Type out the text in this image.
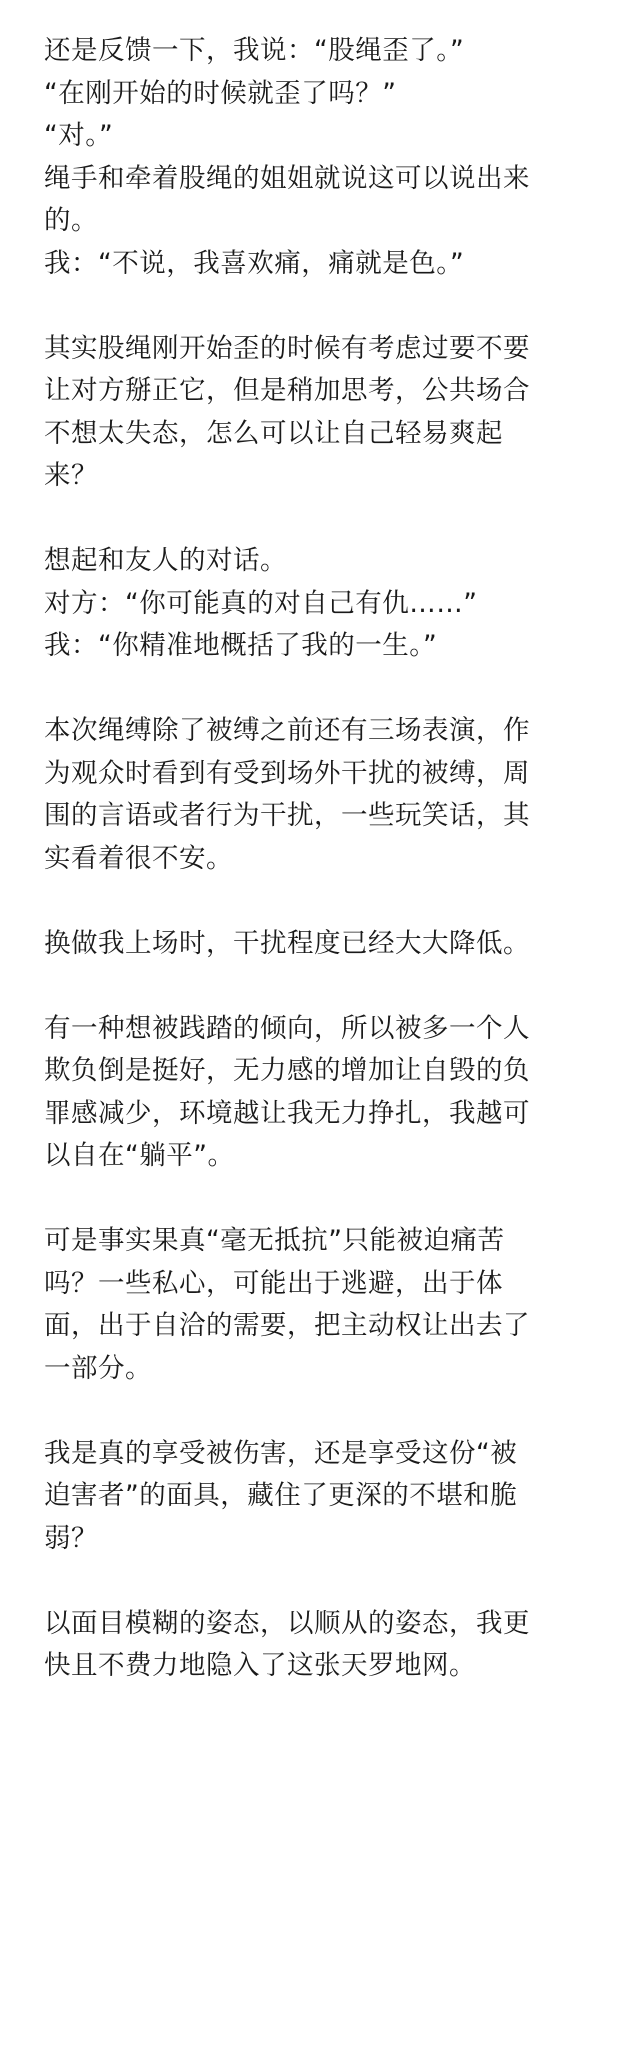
还是反馈一下，我说：“股绳歪了。”
“在刚开始的时候就歪了吗？”
“对。”
绳手和牵着股绳的姐姐就说这可以说出来
的。
我：“不说，我喜欢痛，痛就是色。”
其实股绳刚开始歪的时候有考虑过要不要
让对方掰正它，但是稍加思考，公共场合
不想太失态，怎么可以让自己轻易爽起
来？
想起和友人的对话。
对方：“你可能真的对自己有仇……”
我：“你精准地概括了我的一生。”
本次绳缚除了被缚之前还有三场表演，作
为观众时看到有受到场外干扰的被缚，周
围的言语或者行为干扰，一些玩笑话，其
实看着很不安。
换做我上场时，干扰程度已经大大降低。
有一种想被践踏的倾向，所以被多一个人
欺负倒是挺好，无力感的增加让自毁的负
罪感减少，环境越让我无力挣扎，我越可
以自在“躺平”。
可是事实果真“毫无抵抗”只能被迫痛苦
吗？一些私心，可能出于逃避，出于体
面，出于自洽的需要，把主动权让出去了
一部分。
我是真的享受被伤害，还是享受这份“被
迫害者”的面具，藏住了更深的不堪和脆
弱？
以面目模糊的姿态，以顺从的姿态，我更
快且不费力地隐入了这张天罗地网。
